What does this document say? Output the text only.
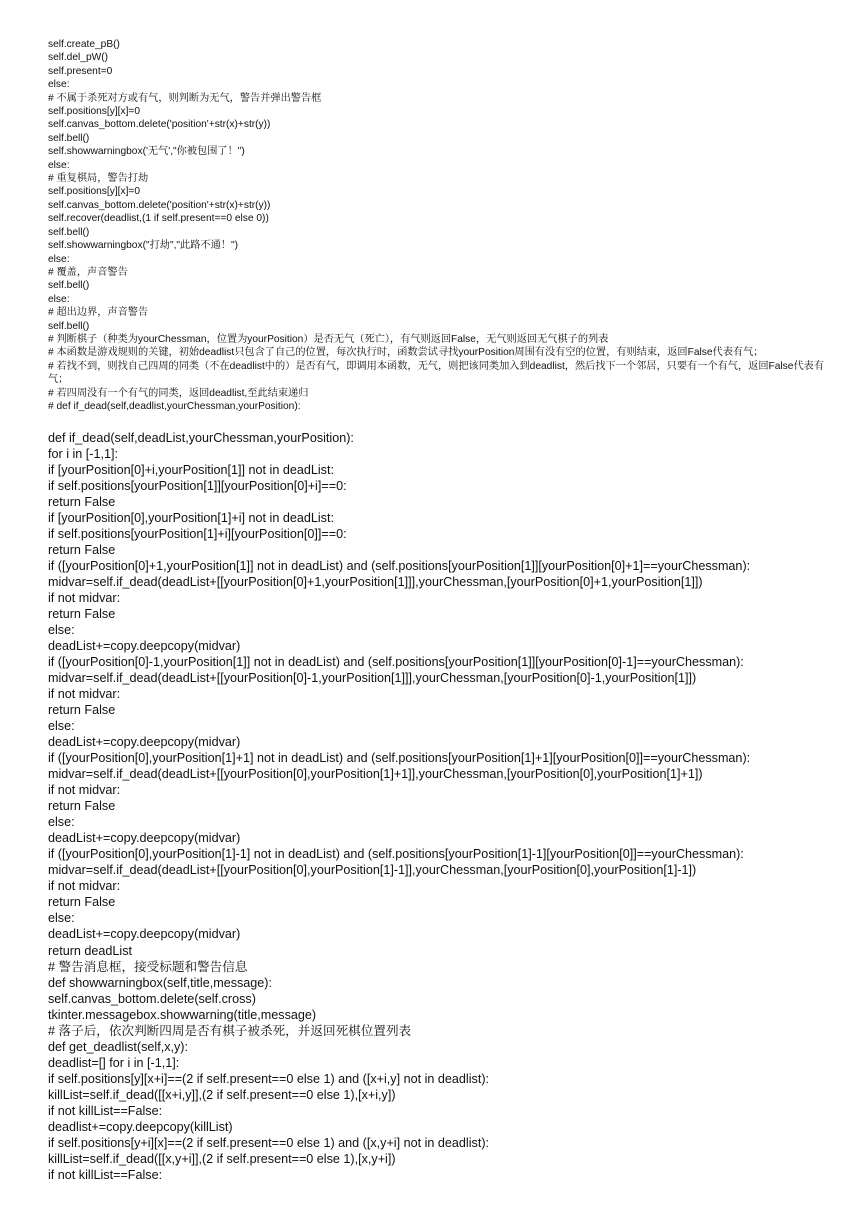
self.create_pB()
self.del_pW()
self.present=0
else:
# 不属于杀死对方或有气，则判断为无气，警告并弹出警告框
self.positions[y][x]=0
self.canvas_bottom.delete('position'+str(x)+str(y))
self.bell()
self.showwarningbox('无气',"你被包围了！")
else:
# 重复棋局，警告打劫
self.positions[y][x]=0
self.canvas_bottom.delete('position'+str(x)+str(y))
self.recover(deadlist,(1 if self.present==0 else 0))
self.bell()
self.showwarningbox("打劫","此路不通！")
else:
# 覆盖，声音警告
self.bell()
else:
# 超出边界，声音警告
self.bell()
# 判断棋子（种类为yourChessman，位置为yourPosition）是否无气（死亡），有气则返回False，无气则返回无气棋子的列表
# 本函数是游戏规则的关键，初始deadlist只包含了自己的位置，每次执行时，函数尝试寻找yourPosition周围有没有空的位置，有则结束，返回False代表有气；
# 若找不到，则找自己四周的同类（不在deadlist中的）是否有气，即调用本函数，无气，则把该同类加入到deadlist，然后找下一个邻居，只要有一个有气，返回False代表有气；
# 若四周没有一个有气的同类，返回deadlist,至此结束递归
# def if_dead(self,deadlist,yourChessman,yourPosition):
def if_dead(self,deadList,yourChessman,yourPosition):
for i in [-1,1]:
if [yourPosition[0]+i,yourPosition[1]] not in deadList:
if self.positions[yourPosition[1]][yourPosition[0]+i]==0:
return False
if [yourPosition[0],yourPosition[1]+i] not in deadList:
if self.positions[yourPosition[1]+i][yourPosition[0]]==0:
return False
if ([yourPosition[0]+1,yourPosition[1]] not in deadList) and (self.positions[yourPosition[1]][yourPosition[0]+1]==yourChessman):
midvar=self.if_dead(deadList+[[yourPosition[0]+1,yourPosition[1]]],yourChessman,[yourPosition[0]+1,yourPosition[1]])
if not midvar:
return False
else:
deadList+=copy.deepcopy(midvar)
if ([yourPosition[0]-1,yourPosition[1]] not in deadList) and (self.positions[yourPosition[1]][yourPosition[0]-1]==yourChessman):
midvar=self.if_dead(deadList+[[yourPosition[0]-1,yourPosition[1]]],yourChessman,[yourPosition[0]-1,yourPosition[1]])
if not midvar:
return False
else:
deadList+=copy.deepcopy(midvar)
if ([yourPosition[0],yourPosition[1]+1] not in deadList) and (self.positions[yourPosition[1]+1][yourPosition[0]]==yourChessman):
midvar=self.if_dead(deadList+[[yourPosition[0],yourPosition[1]+1]],yourChessman,[yourPosition[0],yourPosition[1]+1])
if not midvar:
return False
else:
deadList+=copy.deepcopy(midvar)
if ([yourPosition[0],yourPosition[1]-1] not in deadList) and (self.positions[yourPosition[1]-1][yourPosition[0]]==yourChessman):
midvar=self.if_dead(deadList+[[yourPosition[0],yourPosition[1]-1]],yourChessman,[yourPosition[0],yourPosition[1]-1])
if not midvar:
return False
else:
deadList+=copy.deepcopy(midvar)
return deadList
# 警告消息框，接受标题和警告信息
def showwarningbox(self,title,message):
self.canvas_bottom.delete(self.cross)
tkinter.messagebox.showwarning(title,message)
# 落子后，依次判断四周是否有棋子被杀死，并返回死棋位置列表
def get_deadlist(self,x,y):
deadlist=[] for i in [-1,1]:
if self.positions[y][x+i]==(2 if self.present==0 else 1) and ([x+i,y] not in deadlist):
killList=self.if_dead([[x+i,y]],(2 if self.present==0 else 1),[x+i,y])
if not killList==False:
deadlist+=copy.deepcopy(killList)
if self.positions[y+i][x]==(2 if self.present==0 else 1) and ([x,y+i] not in deadlist):
killList=self.if_dead([[x,y+i]],(2 if self.present==0 else 1),[x,y+i])
if not killList==False:
